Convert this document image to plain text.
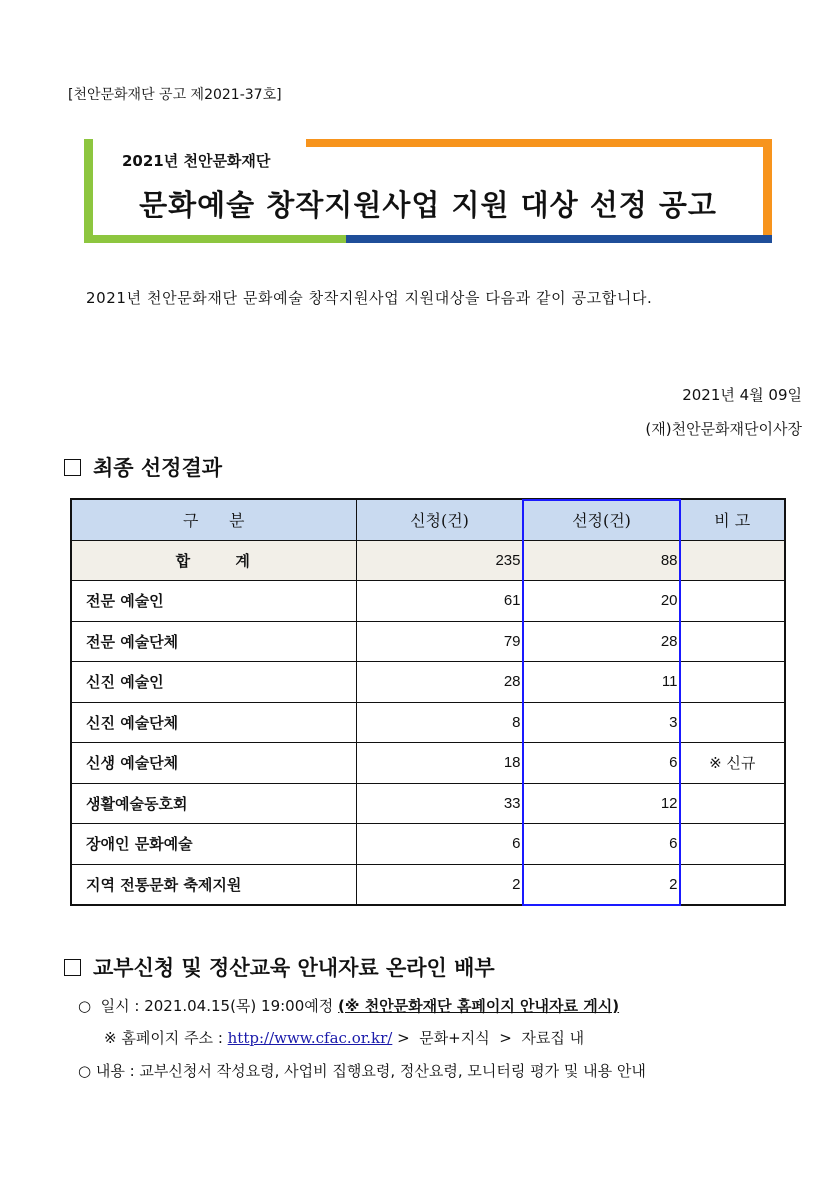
[천안문화재단 공고 제2021-37호]
2021년 천안문화재단
문화예술 창작지원사업 지원 대상 선정 공고
2021년 천안문화재단 문화예술 창작지원사업 지원대상을 다음과 같이 공고합니다.
2021년 4월 09일
(재)천안문화재단이사장
최종 선정결과
구      분	신청(건)	선정(건)	비 고
합      계	235	88	
전문 예술인	61	20	
전문 예술단체	79	28	
신진 예술인	28	11	
신진 예술단체	8	3	
신생 예술단체	18	6	※ 신규
생활예술동호회	33	12	
장애인 문화예술	6	6	
지역 전통문화 축제지원	2	2	
교부신청 및 정산교육 안내자료 온라인 배부
○  일시 : 2021.04.15(목) 19:00예정 (※ 천안문화재단 홈페이지 안내자료 게시)
※ 홈페이지 주소 : http://www.cfac.or.kr/ >  문화+지식  >  자료집 내
○ 내용 : 교부신청서 작성요령, 사업비 집행요령, 정산요령, 모니터링 평가 및 내용 안내
